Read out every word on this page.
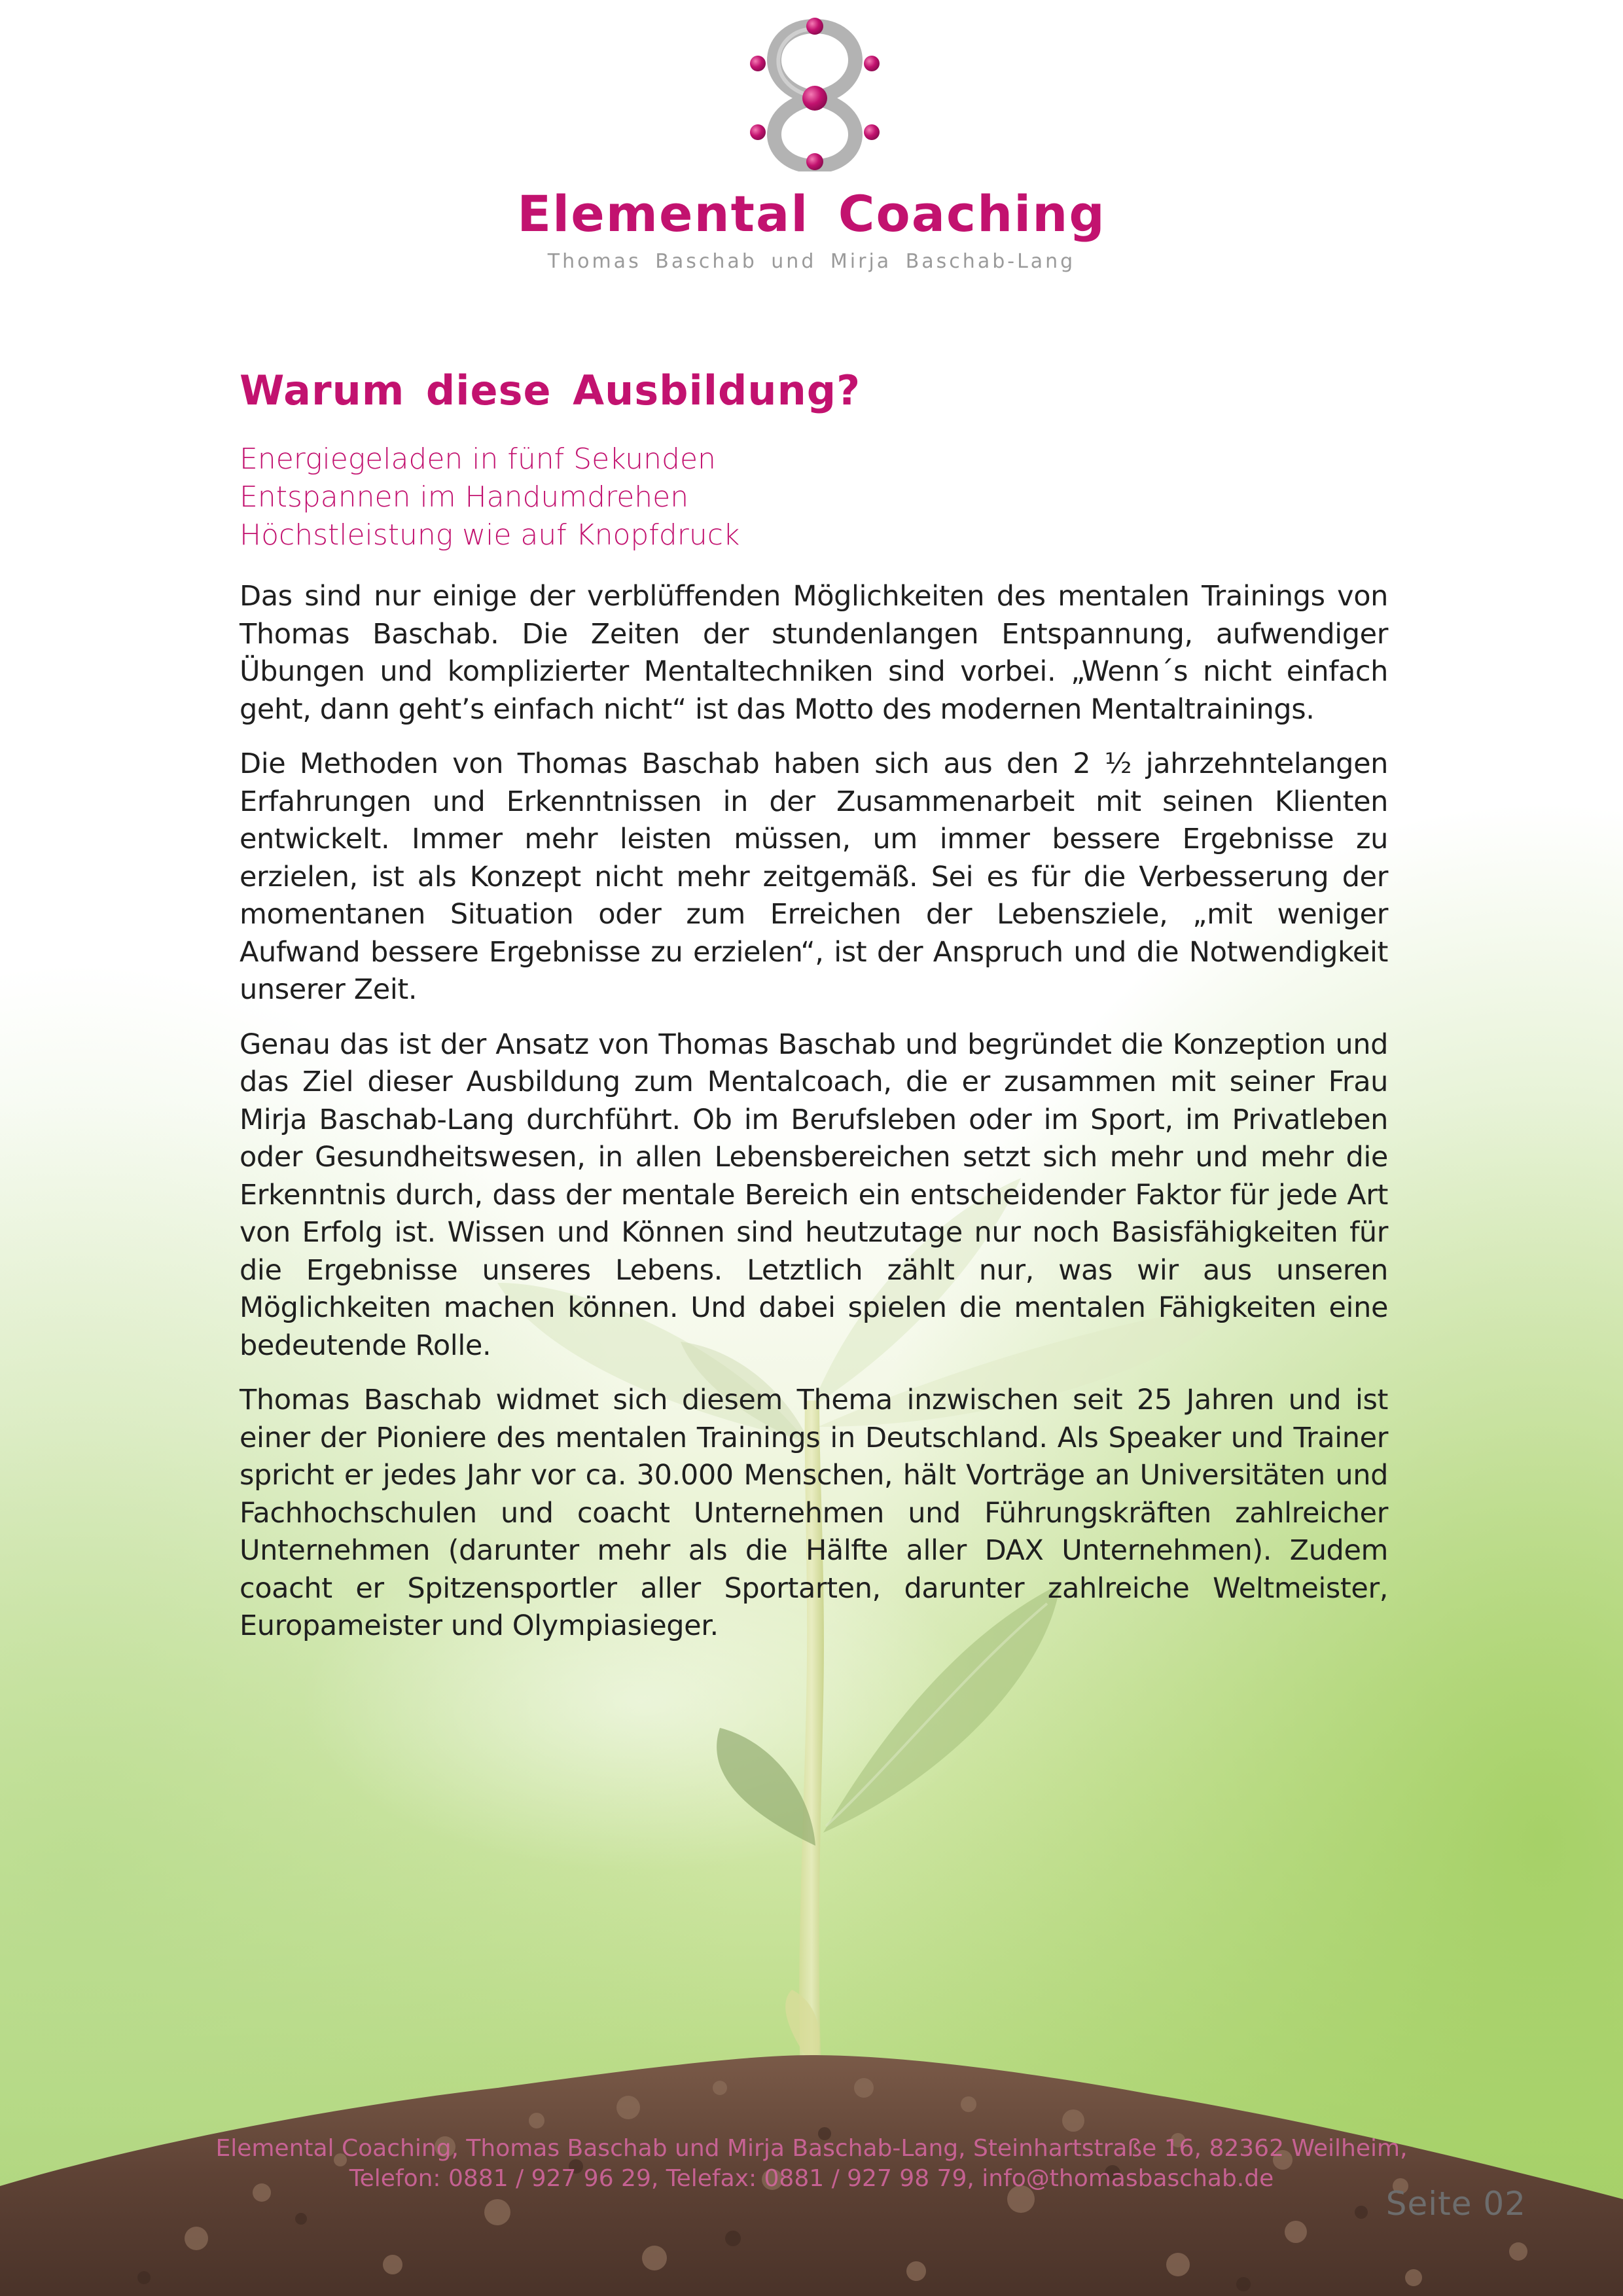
Elemental Coaching
Thomas Baschab und Mirja Baschab-Lang
Warum diese Ausbildung?
Energiegeladen in fünf Sekunden
Entspannen im Handumdrehen
Höchstleistung wie auf Knopfdruck

Das sind nur einige der verblüffenden Möglichkeiten des mentalen Trainings von Thomas Baschab. Die Zeiten der stundenlangen Entspannung, aufwendiger Übungen und komplizierter Mentaltechniken sind vorbei. „Wenn´s nicht einfach geht, dann geht’s einfach nicht“ ist das Motto des modernen Mentaltrainings.

Die Methoden von Thomas Baschab haben sich aus den 2 ½ jahrzehntelangen Erfahrungen und Erkenntnissen in der Zusammenarbeit mit seinen Klienten entwickelt. Immer mehr leisten müssen, um immer bessere Ergebnisse zu erzielen, ist als Konzept nicht mehr zeitgemäß. Sei es für die Verbesserung der momentanen Situation oder zum Erreichen der Lebensziele, „mit weniger Aufwand bessere Ergebnisse zu erzielen“, ist der Anspruch und die Notwendigkeit unserer Zeit.

Genau das ist der Ansatz von Thomas Baschab und begründet die Konzeption und das Ziel dieser Ausbildung zum Mentalcoach, die er zusammen mit seiner Frau Mirja Baschab-Lang durchführt. Ob im Berufsleben oder im Sport, im Privatleben oder Gesundheitswesen, in allen Lebensbereichen setzt sich mehr und mehr die Erkenntnis durch, dass der mentale Bereich ein entscheidender Faktor für jede Art von Erfolg ist. Wissen und Können sind heutzutage nur noch Basisfähigkeiten für die Ergebnisse unseres Lebens. Letztlich zählt nur, was wir aus unseren Möglichkeiten machen können. Und dabei spielen die mentalen Fähigkeiten eine bedeutende Rolle.

Thomas Baschab widmet sich diesem Thema inzwischen seit 25 Jahren und ist einer der Pioniere des mentalen Trainings in Deutschland. Als Speaker und Trainer spricht er jedes Jahr vor ca. 30.000 Menschen, hält Vorträge an Universitäten und Fachhochschulen und coacht Unternehmen und Führungskräften zahlreicher Unternehmen (darunter mehr als die Hälfte aller DAX Unternehmen). Zudem coacht er Spitzensportler aller Sportarten, darunter zahlreiche Weltmeister, Europameister und Olympiasieger.

Elemental Coaching, Thomas Baschab und Mirja Baschab-Lang, Steinhartstraße 16, 82362 Weilheim,
Telefon: 0881 / 927 96 29, Telefax: 0881 / 927 98 79, info@thomasbaschab.de
Seite 02
